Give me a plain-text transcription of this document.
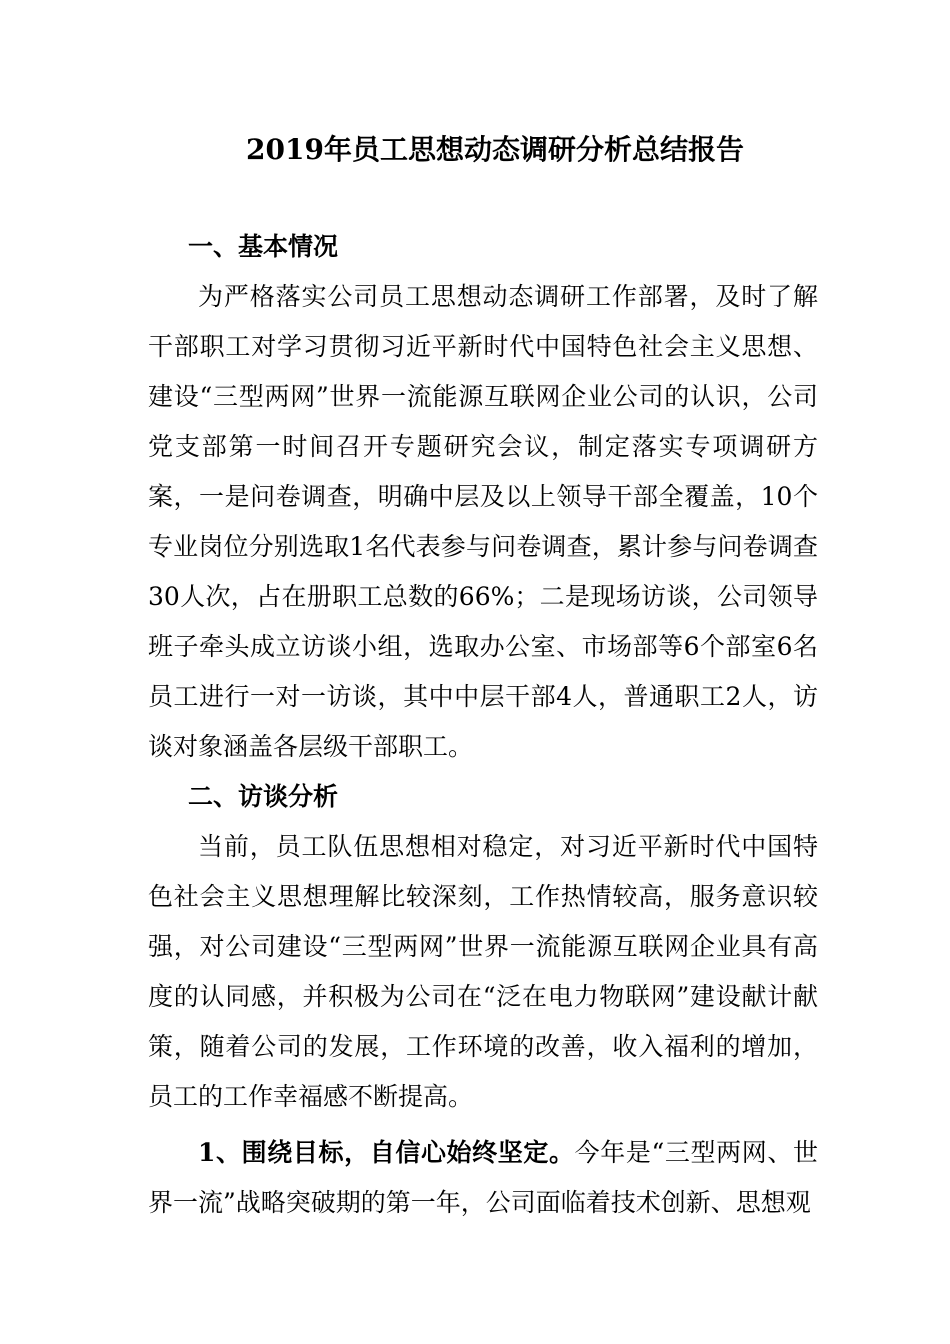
2019年员工思想动态调研分析总结报告
一、基本情况

为严格落实公司员工思想动态调研工作部署，及时了解干部职工对学习贯彻习近平新时代中国特色社会主义思想、建设“三型两网”世界一流能源互联网企业公司的认识，公司党支部第一时间召开专题研究会议，制定落实专项调研方案，一是问卷调查，明确中层及以上领导干部全覆盖，10个专业岗位分别选取1名代表参与问卷调查，累计参与问卷调查30人次，占在册职工总数的66%；二是现场访谈，公司领导班子牵头成立访谈小组，选取办公室、市场部等6个部室6名员工进行一对一访谈，其中中层干部4人，普通职工2人，访谈对象涵盖各层级干部职工。

二、访谈分析

当前，员工队伍思想相对稳定，对习近平新时代中国特色社会主义思想理解比较深刻，工作热情较高，服务意识较强，对公司建设“三型两网”世界一流能源互联网企业具有高度的认同感，并积极为公司在“泛在电力物联网”建设献计献策，随着公司的发展，工作环境的改善，收入福利的增加，员工的工作幸福感不断提高。

1、围绕目标，自信心始终坚定。今年是“三型两网、世界一流”战略突破期的第一年，公司面临着技术创新、思想观
